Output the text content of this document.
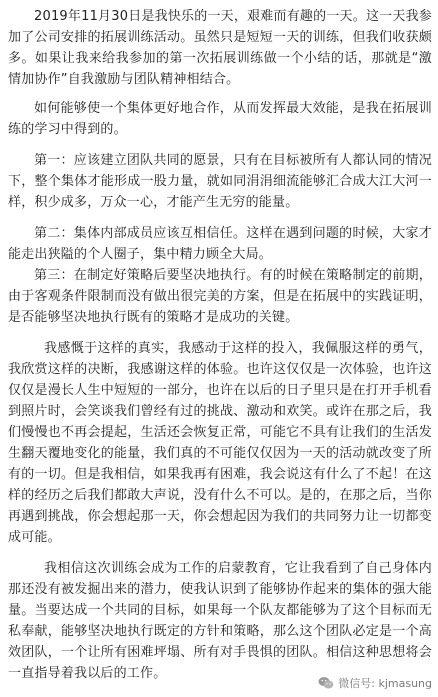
2019年11月30日是我快乐的一天，艰难而有趣的一天。这一天我参加了公司安排的拓展训练活动。虽然只是短短一天的训练，但我们收获颇多。如果让我来给我参加的第一次拓展训练做一个小结的话，那就是“激情加协作”自我激励与团队精神相结合。

如何能够使一个集体更好地合作，从而发挥最大效能，是我在拓展训练的学习中得到的。

第一：应该建立团队共同的愿景，只有在目标被所有人都认同的情况下，整个集体才能形成一股力量，就如同涓涓细流能够汇合成大江大河一样，积少成多，万众一心，才能产生无穷的能量。

第二：集体内部成员应该互相信任。这样在遇到问题的时候，大家才能走出狭隘的个人圈子，集中精力顾全大局。

第三：在制定好策略后要坚决地执行。有的时候在策略制定的前期，由于客观条件限制而没有做出很完美的方案，但是在拓展中的实践证明，是否能够坚决地执行既有的策略才是成功的关键。

我感慨于这样的真实，我感动于这样的投入，我佩服这样的勇气，我欣赏这样的决断，我感谢这样的体验。也许这仅仅是一次体验，也许这仅仅是漫长人生中短短的一部分，也许在以后的日子里只是在打开手机看到照片时，会笑谈我们曾经有过的挑战、激动和欢笑。或许在那之后，我们慢慢也不再会提起，生活还会恢复正常，可能它不具有让我们的生活发生翻天覆地变化的能量，我们真的不可能仅仅因为一天的活动就改变了所有的一切。但是我相信，如果我再有困难，我会说这有什么了不起！在这样的经历之后我们都敢大声说，没有什么不可以。是的，在那之后，当你再遇到挑战，你会想起那一天，你会想起因为我们的共同努力让一切都变成可能。

我相信这次训练会成为工作的启蒙教育，它让我看到了自己身体内那还没有被发掘出来的潜力，使我认识到了能够协作起来的集体的强大能量。当要达成一个共同的目标，如果每一个队友都能够为了这个目标而无私奉献，能够坚决地执行既定的方针和策略，那么这个团队必定是一个高效团队，一个让所有困难坪塌、所有对手畏惧的团队。相信这种思想将会一直指导着我以后的工作。

微信号: kjmasung
